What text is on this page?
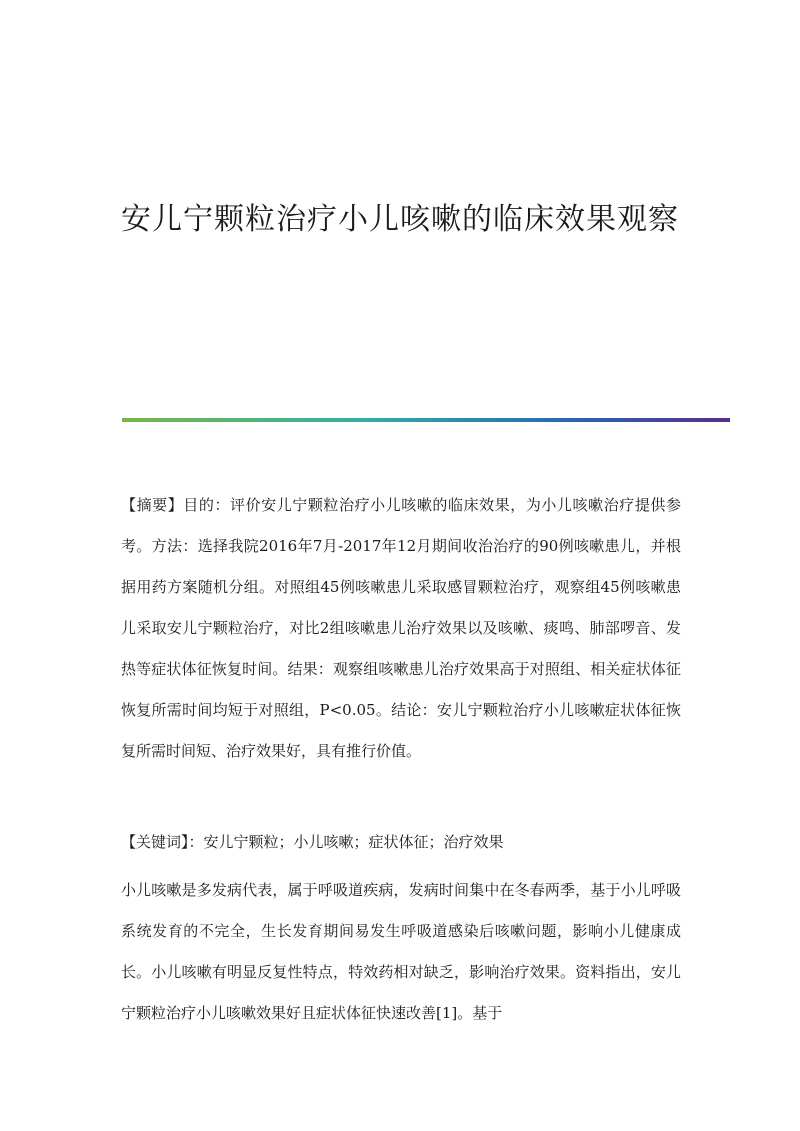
安儿宁颗粒治疗小儿咳嗽的临床效果观察

【摘要】目的：评价安儿宁颗粒治疗小儿咳嗽的临床效果，为小儿咳嗽治疗提供参考。方法：选择我院2016年7月-2017年12月期间收治治疗的90例咳嗽患儿，并根据用药方案随机分组。对照组45例咳嗽患儿采取感冒颗粒治疗，观察组45例咳嗽患儿采取安儿宁颗粒治疗，对比2组咳嗽患儿治疗效果以及咳嗽、痰鸣、肺部啰音、发热等症状体征恢复时间。结果：观察组咳嗽患儿治疗效果高于对照组、相关症状体征恢复所需时间均短于对照组，P<0.05。结论：安儿宁颗粒治疗小儿咳嗽症状体征恢复所需时间短、治疗效果好，具有推行价值。

【关键词】：安儿宁颗粒；小儿咳嗽；症状体征；治疗效果

小儿咳嗽是多发病代表，属于呼吸道疾病，发病时间集中在冬春两季，基于小儿呼吸系统发育的不完全，生长发育期间易发生呼吸道感染后咳嗽问题，影响小儿健康成长。小儿咳嗽有明显反复性特点，特效药相对缺乏，影响治疗效果。资料指出，安儿宁颗粒治疗小儿咳嗽效果好且症状体征快速改善[1]。基于
